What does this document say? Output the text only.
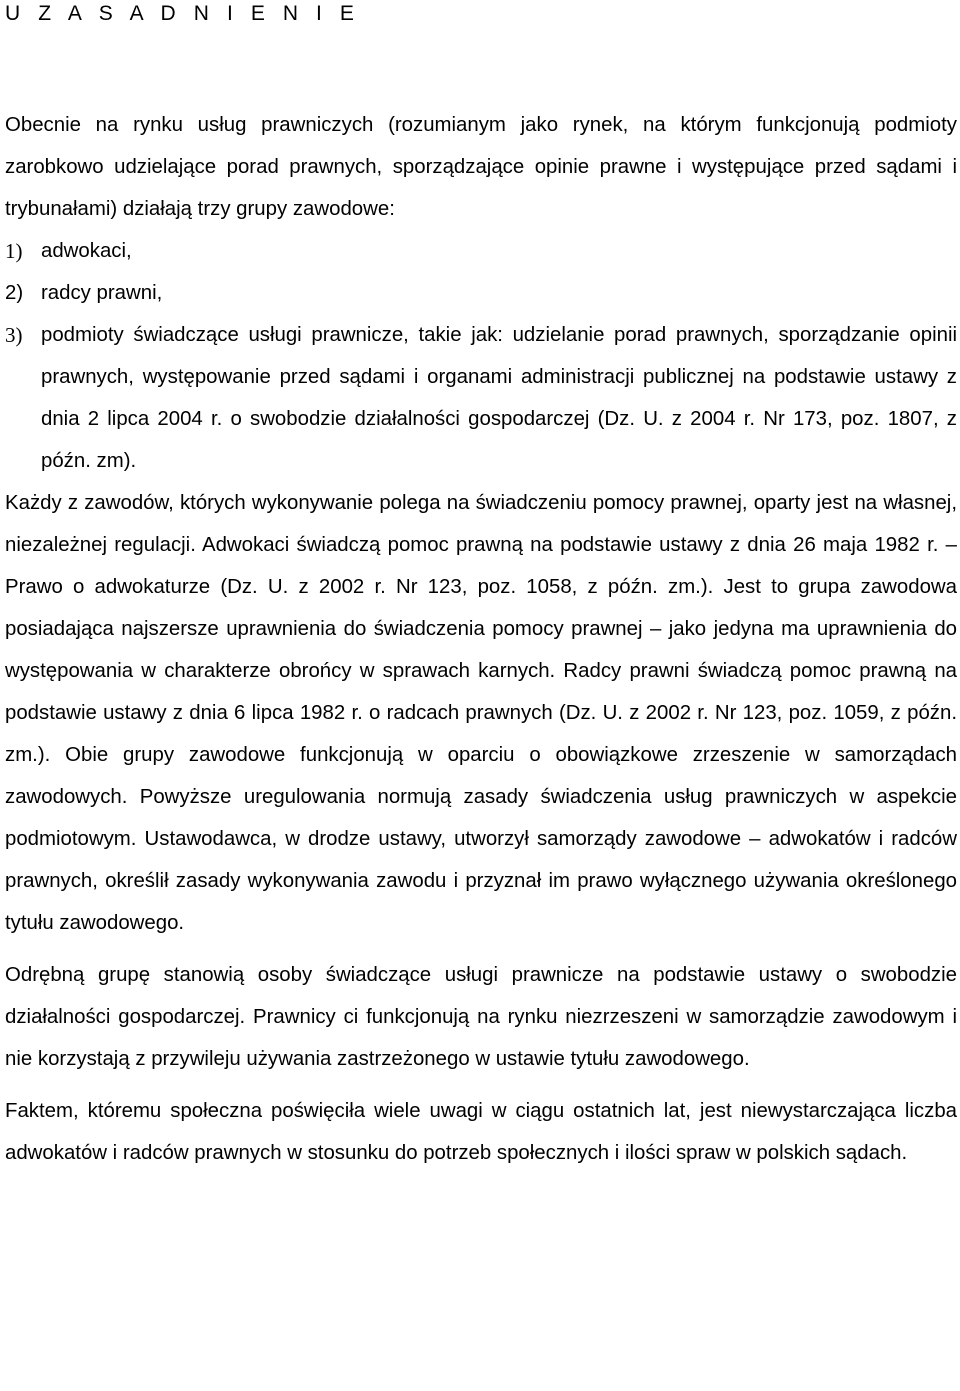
U Z A S A D N I E N I E

Obecnie na rynku usług prawniczych (rozumianym jako rynek, na którym funkcjonują podmioty zarobkowo udzielające porad prawnych, sporządzające opinie prawne i występujące przed sądami i trybunałami) działają trzy grupy zawodowe:

1) adwokaci,
2) radcy prawni,
3) podmioty świadczące usługi prawnicze, takie jak: udzielanie porad prawnych, sporządzanie opinii prawnych, występowanie przed sądami i organami administracji publicznej na podstawie ustawy z dnia 2 lipca 2004 r. o swobodzie działalności gospodarczej (Dz. U. z 2004 r. Nr 173, poz. 1807, z późn. zm).

Każdy z zawodów, których wykonywanie polega na świadczeniu pomocy prawnej, oparty jest na własnej, niezależnej regulacji. Adwokaci świadczą pomoc prawną na podstawie ustawy z dnia 26 maja 1982 r. – Prawo o adwokaturze (Dz. U. z 2002 r. Nr 123, poz. 1058, z późn. zm.). Jest to grupa zawodowa posiadająca najszersze uprawnienia do świadczenia pomocy prawnej – jako jedyna ma uprawnienia do występowania w charakterze obrońcy w sprawach karnych. Radcy prawni świadczą pomoc prawną na podstawie ustawy z dnia 6 lipca 1982 r. o radcach prawnych (Dz. U. z 2002 r. Nr 123, poz. 1059, z późn. zm.). Obie grupy zawodowe funkcjonują w oparciu o obowiązkowe zrzeszenie w samorządach zawodowych. Powyższe uregulowania normują zasady świadczenia usług prawniczych w aspekcie podmiotowym. Ustawodawca, w drodze ustawy, utworzył samorządy zawodowe – adwokatów i radców prawnych, określił zasady wykonywania zawodu i przyznał im prawo wyłącznego używania określonego tytułu zawodowego.

Odrębną grupę stanowią osoby świadczące usługi prawnicze na podstawie ustawy o swobodzie działalności gospodarczej. Prawnicy ci funkcjonują na rynku niezrzeszeni w samorządzie zawodowym i nie korzystają z przywileju używania zastrzeżonego w ustawie tytułu zawodowego.

Faktem, któremu społeczna poświęciła wiele uwagi w ciągu ostatnich lat, jest niewystarczająca liczba adwokatów i radców prawnych w stosunku do potrzeb społecznych i ilości spraw w polskich sądach.
